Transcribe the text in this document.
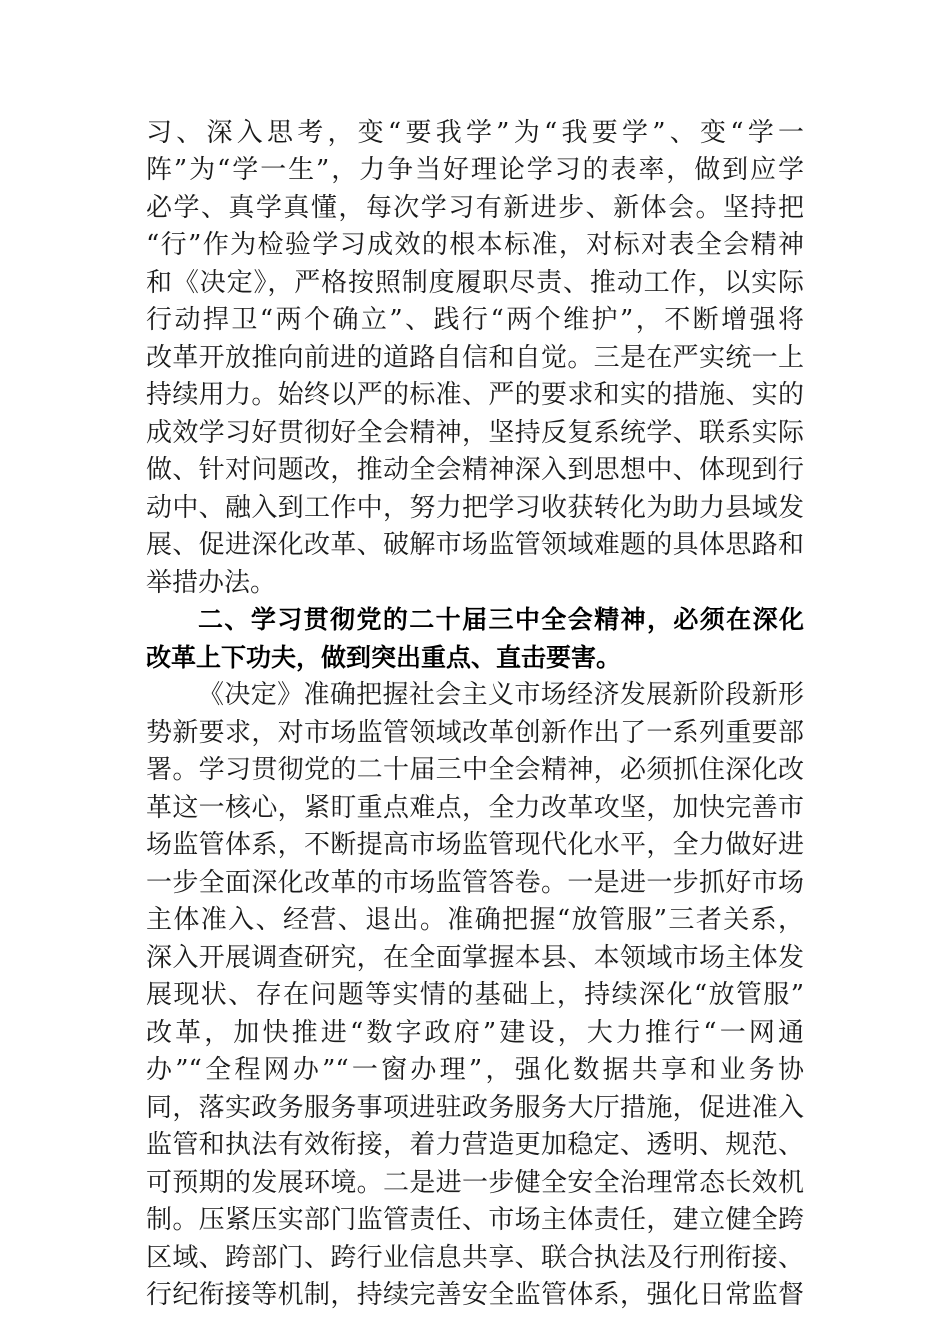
习、深入思考，变“要我学”为“我要学”、变“学一
阵”为“学一生”，力争当好理论学习的表率，做到应学
必学、真学真懂，每次学习有新进步、新体会。坚持把
“行”作为检验学习成效的根本标准，对标对表全会精神
和《决定》，严格按照制度履职尽责、推动工作，以实际
行动捍卫“两个确立”、践行“两个维护”，不断增强将
改革开放推向前进的道路自信和自觉。三是在严实统一上
持续用力。始终以严的标准、严的要求和实的措施、实的
成效学习好贯彻好全会精神，坚持反复系统学、联系实际
做、针对问题改，推动全会精神深入到思想中、体现到行
动中、融入到工作中，努力把学习收获转化为助力县域发
展、促进深化改革、破解市场监管领域难题的具体思路和
举措办法。
二、学习贯彻党的二十届三中全会精神，必须在深化
改革上下功夫，做到突出重点、直击要害。
《决定》准确把握社会主义市场经济发展新阶段新形
势新要求，对市场监管领域改革创新作出了一系列重要部
署。学习贯彻党的二十届三中全会精神，必须抓住深化改
革这一核心，紧盯重点难点，全力改革攻坚，加快完善市
场监管体系，不断提高市场监管现代化水平，全力做好进
一步全面深化改革的市场监管答卷。一是进一步抓好市场
主体准入、经营、退出。准确把握“放管服”三者关系，
深入开展调查研究，在全面掌握本县、本领域市场主体发
展现状、存在问题等实情的基础上，持续深化“放管服”
改革，加快推进“数字政府”建设，大力推行“一网通
办”“全程网办”“一窗办理”，强化数据共享和业务协
同，落实政务服务事项进驻政务服务大厅措施，促进准入
监管和执法有效衔接，着力营造更加稳定、透明、规范、
可预期的发展环境。二是进一步健全安全治理常态长效机
制。压紧压实部门监管责任、市场主体责任，建立健全跨
区域、跨部门、跨行业信息共享、联合执法及行刑衔接、
行纪衔接等机制，持续完善安全监管体系，强化日常监督
